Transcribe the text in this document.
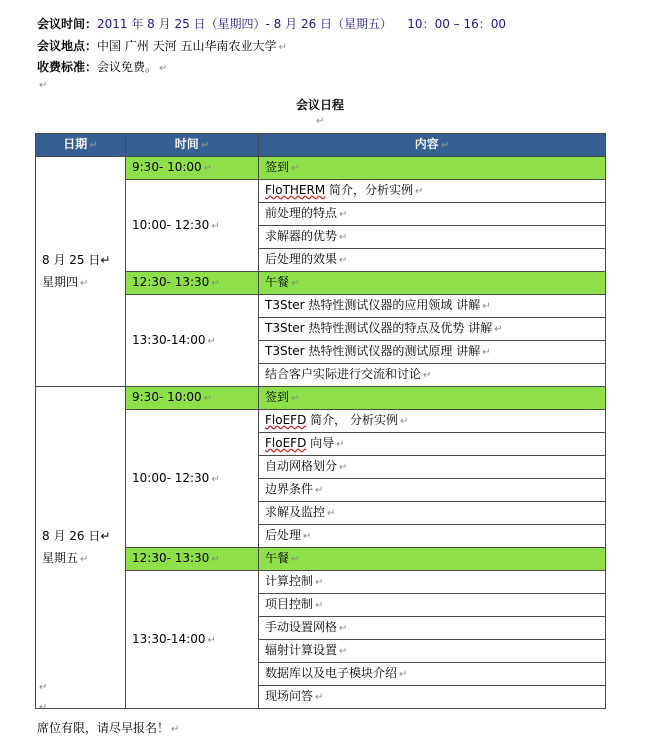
会议时间：2011 年 8 月 25 日（星期四）- 8 月 26 日（星期五） 10：00 – 16：00
会议地点：中国 广州 天河 五山华南农业大学 ↵
收费标准：会议免费。 ↵
↵
会议日程
↵
日期 ↵	时间 ↵	内容 ↵
8 月 25 日↵
星期四 ↵	9:30- 10:00 ↵	签到 ↵
	10:00- 12:30 ↵	FloTHERM 简介，分析实例 ↵
		前处理的特点 ↵
		求解器的优势 ↵
		后处理的效果 ↵
	12:30- 13:30 ↵	午餐 ↵
	13:30-14:00 ↵	T3Ster 热特性测试仪器的应用领域 讲解 ↵
		T3Ster 热特性测试仪器的特点及优势 讲解 ↵
		T3Ster 热特性测试仪器的测试原理 讲解 ↵
		结合客户实际进行交流和讨论 ↵
8 月 26 日↵
星期五 ↵	9:30- 10:00 ↵	签到 ↵
	10:00- 12:30 ↵	FloEFD 简介， 分析实例 ↵
		FloEFD 向导 ↵
		自动网格划分 ↵
		边界条件 ↵
		求解及监控 ↵
		后处理 ↵
	12:30- 13:30 ↵	午餐 ↵
	13:30-14:00 ↵	计算控制 ↵
		项目控制 ↵
		手动设置网格 ↵
		辐射计算设置 ↵
		数据库以及电子模块介绍 ↵
		现场问答 ↵
↵
↵
席位有限，请尽早报名！ ↵
